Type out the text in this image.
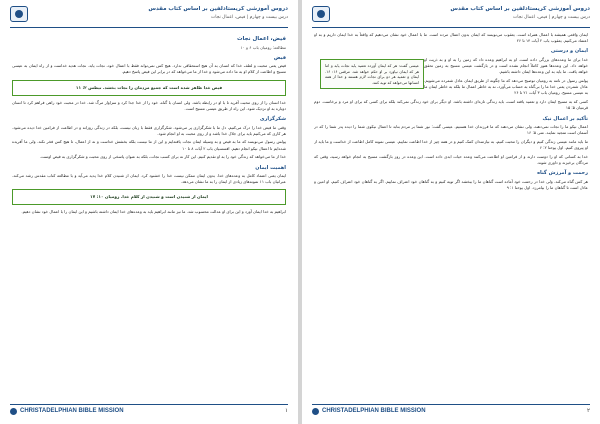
دروس آموزشی کریستادلفین بر اساس کتاب مقدس
درس بیست و چهارم | فیض، اعمال نجات
فیض، اعمال نجات

مطالعه: رومیان باب ۶ و ۱۰

فیض

فیض یعنی محبت و لطف خدا که انسان به آن هیچ استحقاقی ندارد. هیچ کس نمی‌تواند فقط با اعمال خود، نجات یابد. نجات هدیه خداست و از راه ایمان به عیسی مسیح و اطاعت از کلام او به ما داده می‌شود و خدا از ما می‌خواهد که در برابر این فیض پاسخ دهیم.

فیض خدا ظاهر شده است که جمیع مردمان را نجات بخشد. تیطس ۲: ۱۱

خدا انسان را از روی محبت آفرید تا با او در رابطه باشد. ولی انسان با گناه، خود را از خدا جدا کرد و سزاوار مرگ شد. خدا در محبت خود راهی فراهم کرد تا انسان دوباره به او نزدیک شود. این راه از طریق عیسی مسیح است.

شکرگزاری

وقتی ما فیض خدا را درک می‌کنیم، دل ما با شکرگزاری پر می‌شود. شکرگزاری فقط با زبان نیست، بلکه در زندگی روزانه و در اطاعت از فرامین خدا دیده می‌شود. هر کاری که می‌کنیم باید برای جلال خدا باشد و از روی محبت به او انجام شود.

پولس رسول می‌نویسد که ما به فیض و به وسیله ایمان نجات یافته‌ایم و این از ما نیست بلکه بخشش خداست و نه از اعمال، تا هیچ کس فخر نکند. ولی ما آفریده شده‌ایم تا اعمال نیکو انجام دهیم. افسسیان باب ۲ آیات ۸ تا ۱۰

خدا از ما می‌خواهد که زندگی خود را به او تقدیم کنیم. این کار نه برای کسب نجات، بلکه به عنوان پاسخی از روی محبت و شکرگزاری به فیض اوست.

اهمیت ایمان

ایمان یعنی اعتماد کامل به وعده‌های خدا. بدون ایمان ممکن نیست خدا را خشنود کرد. ایمان از شنیدن کلام خدا پدید می‌آید و با مطالعه کتاب مقدس رشد می‌کند. عبرانیان باب ۱۱ نمونه‌های زیادی از ایمان را به ما نشان می‌دهد.

ایمان از شنیدن است و شنیدن از کلام خدا. رومیان ۱۰: ۱۷

ابراهیم به خدا ایمان آورد و این برای او عدالت محسوب شد. ما نیز مانند ابراهیم باید به وعده‌های خدا ایمان داشته باشیم و این ایمان را با اعمال خود نشان دهیم.

CHRISTADELPHIAN BIBLE MISSION	۱
دروس آموزشی کریستادلفین بر اساس کتاب مقدس
درس بیست و چهارم | فیض، اعمال نجات

ایمان واقعی همیشه با اعمال همراه است. یعقوب می‌نویسد که ایمان بدون اعمال مرده است. ما با اعمال خود نشان می‌دهیم که واقعاً به خدا ایمان داریم و به او اعتماد می‌کنیم. یعقوب باب ۲ آیات ۱۴ تا ۲۶

ایمان و درستی
عیسی گفت: هر که ایمان آورده تعمید یابد نجات یابد و اما هر که ایمان نیاورد بر او حکم خواهد شد. مرقس ۱۶: ۱۶. ایمان و تعمید هر دو برای نجات لازم هستند و خدا از همه انسانها می‌خواهد که توبه کنند.

خدا برای ما وعده‌های بزرگی داده است. او به ابراهیم وعده داد که زمین را به او و به ذریت او خواهد داد. این وعده‌ها هنوز کاملاً انجام نشده است و در بازگشت عیسی مسیح به زمین تحقق خواهد یافت. ما باید به این وعده‌ها ایمان داشته باشیم.

پولس رسول در نامه به رومیان توضیح می‌دهد که ما چگونه از طریق ایمان عادل شمرده می‌شویم. عادل شمردن یعنی خدا ما را بی‌گناه به حساب می‌آورد، نه به خاطر اعمال ما بلکه به خاطر ایمان ما به عیسی مسیح. رومیان باب ۳ آیات ۲۱ تا ۲۶

کسی که به مسیح ایمان دارد و تعمید یافته است، باید زندگی تازه‌ای داشته باشد. او دیگر برای خود زندگی نمی‌کند بلکه برای کسی که برای او مرد و برخاست. دوم قرنتیان ۵: ۱۵

تأکید بر اعمال نیک

اعمال نیکو ما را نجات نمی‌دهند، ولی نشان می‌دهند که ما فرزندان خدا هستیم. عیسی گفت: نور شما بر مردم بتابد تا اعمال نیکوی شما را دیده پدر شما را که در آسمان است تمجید نمایند. متی ۵: ۱۶

ما باید مانند عیسی زندگی کنیم و دیگران را محبت کنیم، به نیازمندان کمک کنیم و در همه چیز از خدا اطاعت نماییم. عیسی نمونه کامل اطاعت از خداست و ما باید از او پیروی کنیم. اول یوحنا ۲: ۶

خدا به کسانی که او را دوست دارند و از فرامین او اطاعت می‌کنند وعده حیات ابدی داده است. این وعده در روز بازگشت مسیح به انجام خواهد رسید، وقتی که مردگان برخیزند و داوری شوند.

رحمت و آمرزش گناه

هر کس گناه می‌کند. ولی خدا در رحمت خود آماده است گناهان ما را ببخشد اگر توبه کنیم و به گناهان خود اعتراف نماییم. اگر به گناهان خود اعتراف کنیم، او امین و عادل است تا گناهان ما را بیامرزد. اول یوحنا ۱: ۹

CHRISTADELPHIAN BIBLE MISSION	۲
